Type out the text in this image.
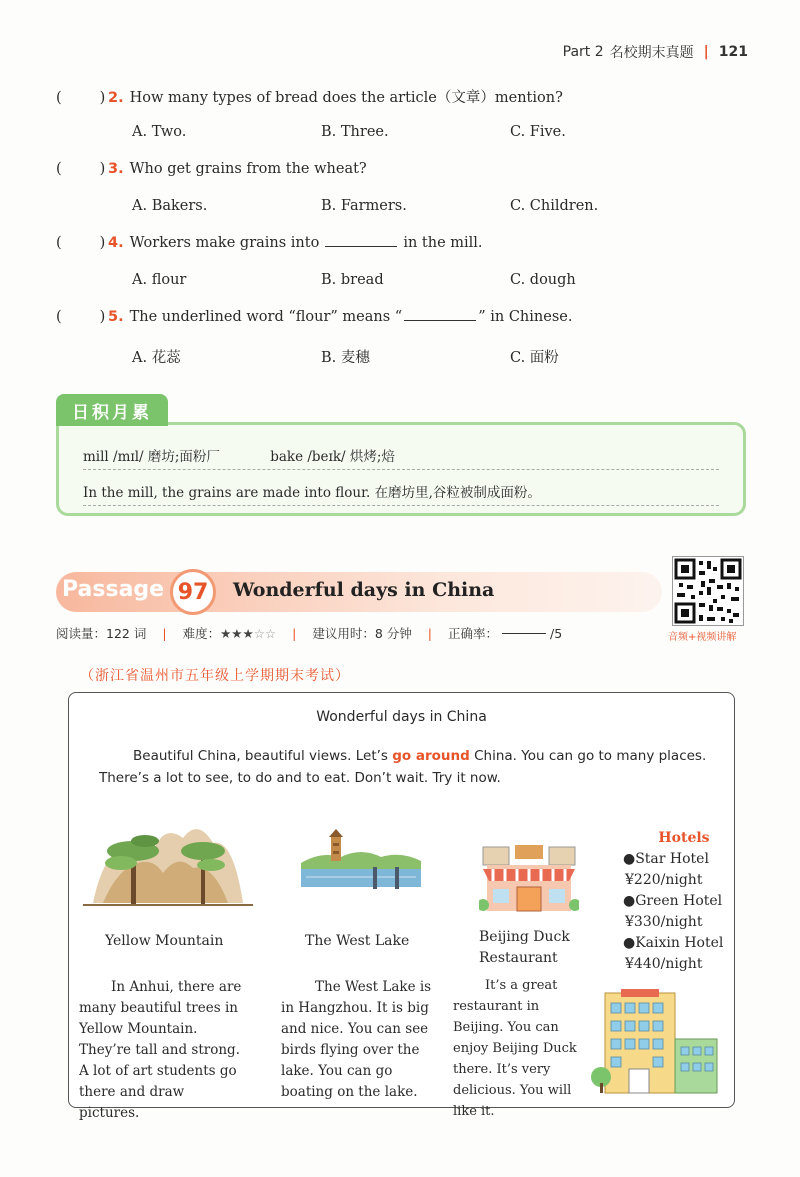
Part 2 名校期末真题 | 121
(	) 2. How many types of bread does the article（文章）mention?
A. Two.	B. Three.	C. Five.
(	) 3. Who get grains from the wheat?
A. Bakers.	B. Farmers.	C. Children.
(	) 4. Workers make grains into	in the mill.
A. flour	B. bread	C. dough
(	) 5. The underlined word “flour” means “	” in Chinese.
A. 花蕊	B. 麦穗	C. 面粉
mill /mɪl/ 磨坊;面粉厂	bake /beɪk/ 烘烤;焙
In the mill, the grains are made into flour. 在磨坊里,谷粒被制成面粉。
日积月累
Passage 97	Wonderful days in China
音频+视频讲解
阅读量：122 词 | 难度： ★★★ ☆☆ | 建议用时：8 分钟 | 正确率：	/5
（浙江省温州市五年级上学期期末考试）
Wonderful days in China
Beautiful China, beautiful views. Let’s go around China. You can go to many places. There’s a lot to see, to do and to eat. Don’t wait. Try it now.
Yellow Mountain
In Anhui, there are many beautiful trees in Yellow Mountain. They’re tall and strong. A lot of art students go there and draw pictures.
The West Lake
The West Lake is in Hangzhou. It is big and nice. You can see birds flying over the lake. You can go boating on the lake.
Beijing Duck
Restaurant
It’s a great restaurant in Beijing. You can enjoy Beijing Duck there. It’s very delicious. You will like it.
Hotels
●Star Hotel
¥220/night
●Green Hotel
¥330/night
●Kaixin Hotel
¥440/night
